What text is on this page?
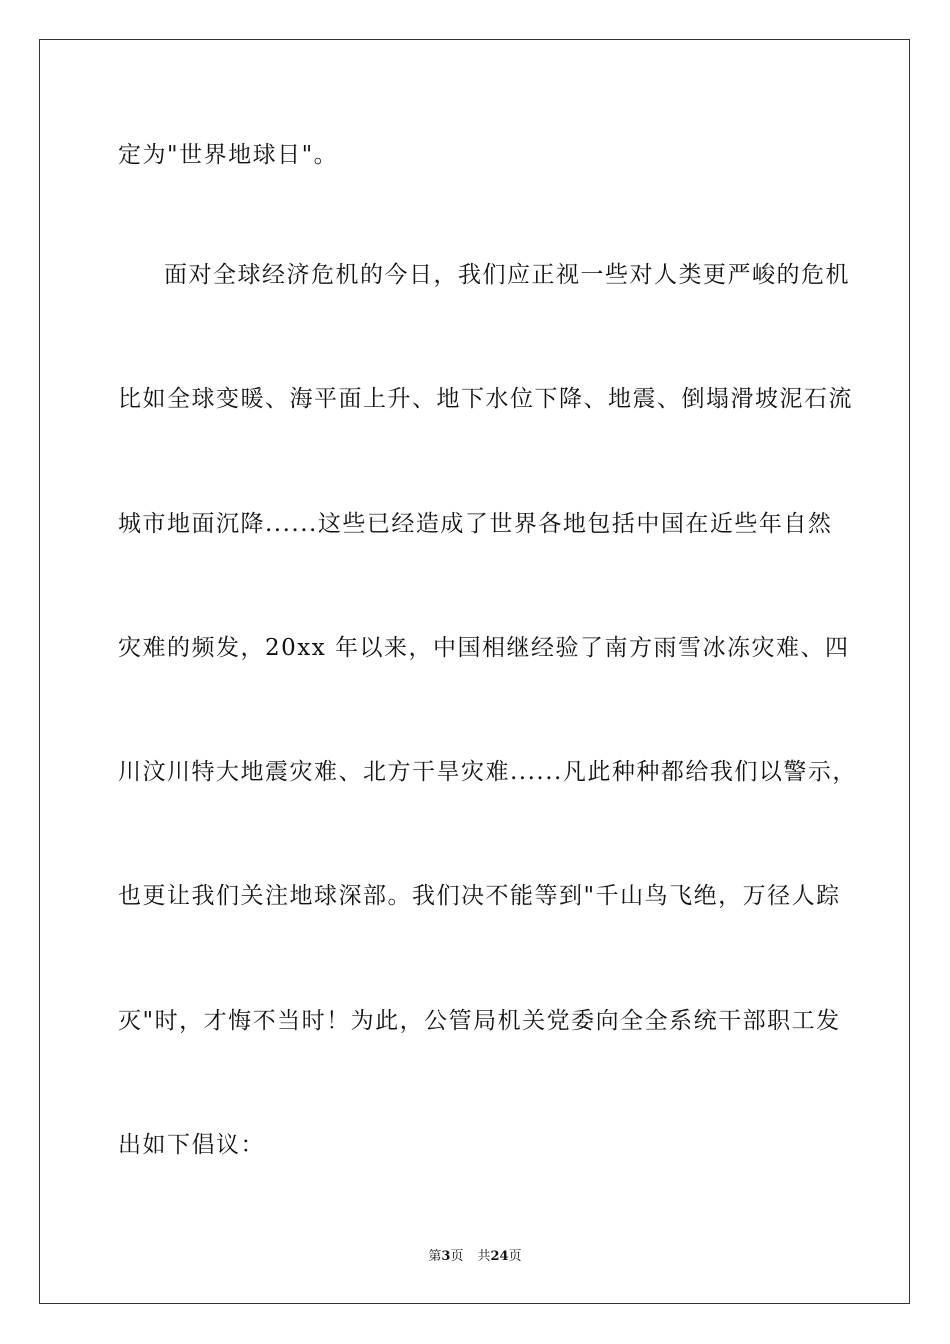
定为"世界地球日"。
面对全球经济危机的今日，我们应正视一些对人类更严峻的危机
比如全球变暖、海平面上升、地下水位下降、地震、倒塌滑坡泥石流
城市地面沉降......这些已经造成了世界各地包括中国在近些年自然
灾难的频发，20xx 年以来，中国相继经验了南方雨雪冰冻灾难、四
川汶川特大地震灾难、北方干旱灾难......凡此种种都给我们以警示，
也更让我们关注地球深部。我们决不能等到"千山鸟飞绝，万径人踪
灭"时，才悔不当时！为此，公管局机关党委向全全系统干部职工发
出如下倡议：
第3页 共24页
